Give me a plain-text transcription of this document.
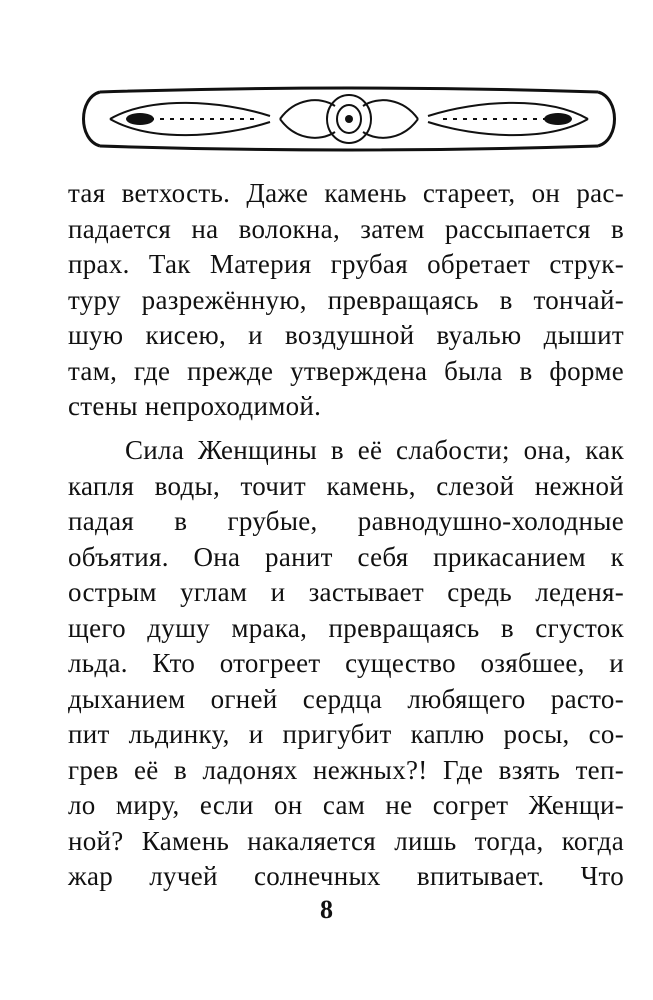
тая ветхость. Даже камень стареет, он рас-
падается на волокна, затем рассыпается в
прах. Так Материя грубая обретает струк-
туру разрежённую, превращаясь в тончай-
шую кисею, и воздушной вуалью дышит
там, где прежде утверждена была в форме
стены непроходимой.
Сила Женщины в её слабости; она, как
капля воды, точит камень, слезой нежной
падая в грубые, равнодушно-холодные
объятия. Она ранит себя прикасанием к
острым углам и застывает средь леденя-
щего душу мрака, превращаясь в сгусток
льда. Кто отогреет существо озябшее, и
дыханием огней сердца любящего расто-
пит льдинку, и пригубит каплю росы, со-
грев её в ладонях нежных?! Где взять теп-
ло миру, если он сам не согрет Женщи-
ной? Камень накаляется лишь тогда, когда
жар лучей солнечных впитывает. Что
8
